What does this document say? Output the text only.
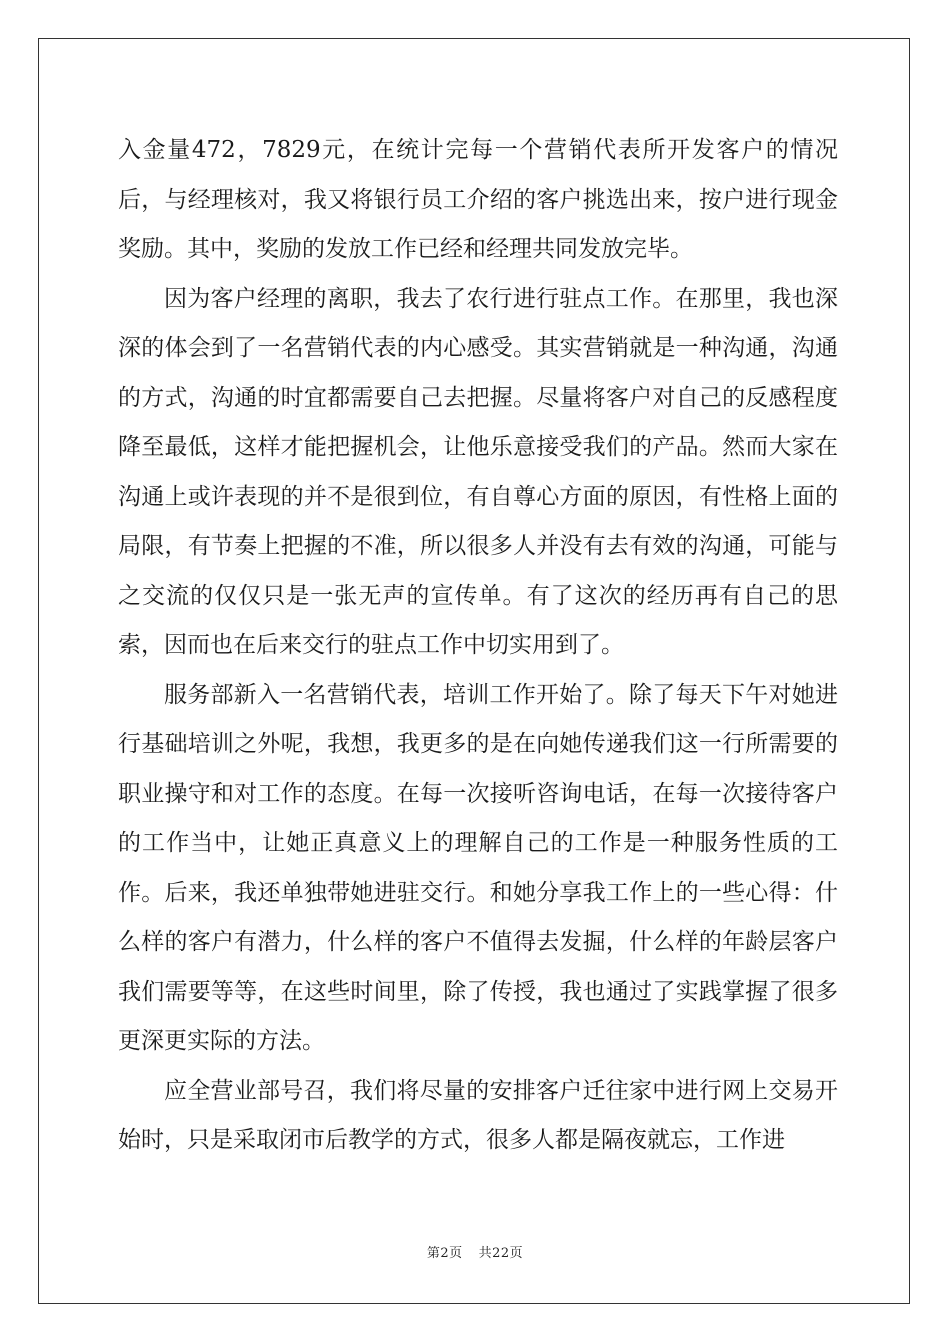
入金量472，7829元，在统计完每一个营销代表所开发客户的情况后，与经理核对，我又将银行员工介绍的客户挑选出来，按户进行现金奖励。其中，奖励的发放工作已经和经理共同发放完毕。

因为客户经理的离职，我去了农行进行驻点工作。在那里，我也深深的体会到了一名营销代表的内心感受。其实营销就是一种沟通，沟通的方式，沟通的时宜都需要自己去把握。尽量将客户对自己的反感程度降至最低，这样才能把握机会，让他乐意接受我们的产品。然而大家在沟通上或许表现的并不是很到位，有自尊心方面的原因，有性格上面的局限，有节奏上把握的不准，所以很多人并没有去有效的沟通，可能与之交流的仅仅只是一张无声的宣传单。有了这次的经历再有自己的思索，因而也在后来交行的驻点工作中切实用到了。

服务部新入一名营销代表，培训工作开始了。除了每天下午对她进行基础培训之外呢，我想，我更多的是在向她传递我们这一行所需要的职业操守和对工作的态度。在每一次接听咨询电话，在每一次接待客户的工作当中，让她正真意义上的理解自己的工作是一种服务性质的工作。后来，我还单独带她进驻交行。和她分享我工作上的一些心得：什么样的客户有潜力，什么样的客户不值得去发掘，什么样的年龄层客户我们需要等等，在这些时间里，除了传授，我也通过了实践掌握了很多更深更实际的方法。

应全营业部号召，我们将尽量的安排客户迁往家中进行网上交易开始时，只是采取闭市后教学的方式，很多人都是隔夜就忘，工作进

第2页 共22页
